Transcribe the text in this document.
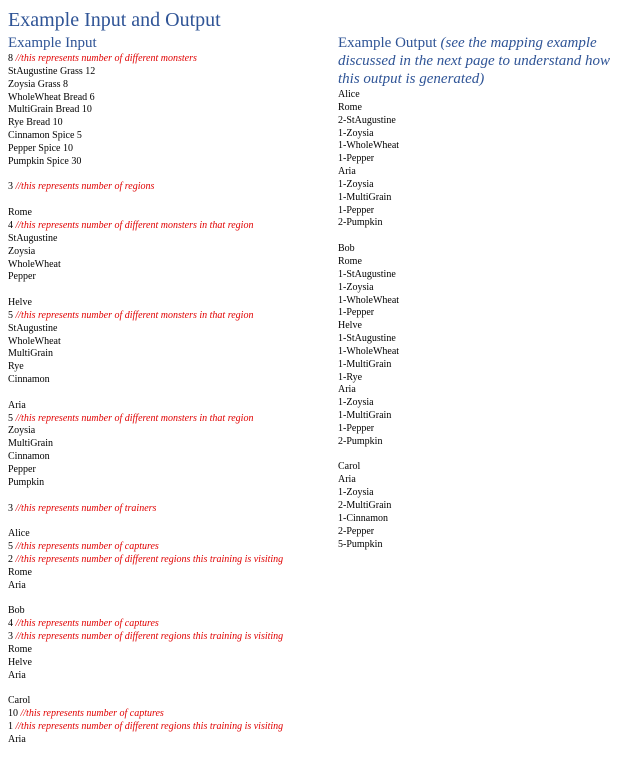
Example Input and Output
Example Input
8 //this represents number of different monsters
StAugustine Grass 12
Zoysia Grass 8
WholeWheat Bread 6
MultiGrain Bread 10
Rye Bread 10
Cinnamon Spice 5
Pepper Spice 10
Pumpkin Spice 30
3 //this represents number of regions
Rome
4 //this represents number of different monsters in that region
StAugustine
Zoysia
WholeWheat
Pepper
Helve
5 //this represents number of different monsters in that region
StAugustine
WholeWheat
MultiGrain
Rye
Cinnamon
Aria
5 //this represents number of different monsters in that region
Zoysia
MultiGrain
Cinnamon
Pepper
Pumpkin
3 //this represents number of trainers
Alice
5 //this represents number of captures
2 //this represents number of different regions this training is visiting
Rome
Aria
Bob
4 //this represents number of captures
3 //this represents number of different regions this training is visiting
Rome
Helve
Aria
Carol
10 //this represents number of captures
1 //this represents number of different regions this training is visiting
Aria
Example Output (see the mapping example discussed in the next page to understand how this output is generated)
Alice
Rome
2-StAugustine
1-Zoysia
1-WholeWheat
1-Pepper
Aria
1-Zoysia
1-MultiGrain
1-Pepper
2-Pumpkin
Bob
Rome
1-StAugustine
1-Zoysia
1-WholeWheat
1-Pepper
Helve
1-StAugustine
1-WholeWheat
1-MultiGrain
1-Rye
Aria
1-Zoysia
1-MultiGrain
1-Pepper
2-Pumpkin
Carol
Aria
1-Zoysia
2-MultiGrain
1-Cinnamon
2-Pepper
5-Pumpkin
